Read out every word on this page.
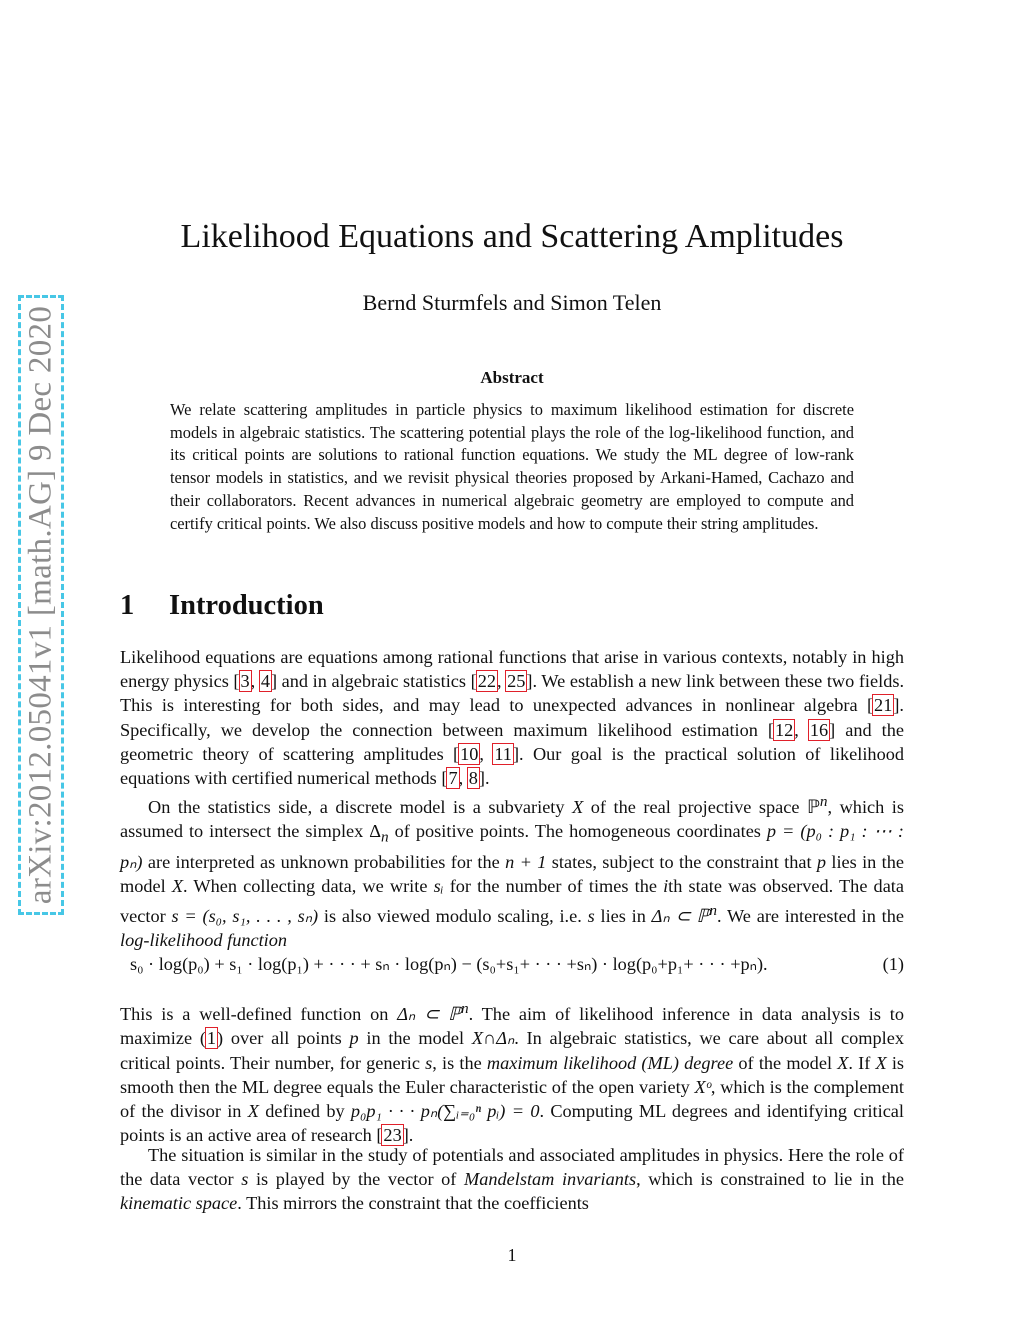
arXiv:2012.05041v1 [math.AG] 9 Dec 2020
Likelihood Equations and Scattering Amplitudes
Bernd Sturmfels and Simon Telen
Abstract

We relate scattering amplitudes in particle physics to maximum likelihood estimation for discrete models in algebraic statistics. The scattering potential plays the role of the log-likelihood function, and its critical points are solutions to rational function equations. We study the ML degree of low-rank tensor models in statistics, and we revisit physical theories proposed by Arkani-Hamed, Cachazo and their collaborators. Recent advances in numerical algebraic geometry are employed to compute and certify critical points. We also discuss positive models and how to compute their string amplitudes.

1 Introduction

Likelihood equations are equations among rational functions that arise in various contexts, notably in high energy physics [3, 4] and in algebraic statistics [22, 25]. We establish a new link between these two fields. This is interesting for both sides, and may lead to unexpected advances in nonlinear algebra [21]. Specifically, we develop the connection between maximum likelihood estimation [12, 16] and the geometric theory of scattering amplitudes [10, 11]. Our goal is the practical solution of likelihood equations with certified numerical methods [7, 8].

On the statistics side, a discrete model is a subvariety X of the real projective space ℙ$^n$, which is assumed to intersect the simplex $\Delta_n$ of positive points. The homogeneous coordinates p = (p₀ : p₁ : ⋯ : pₙ) are interpreted as unknown probabilities for the n + 1 states, subject to the constraint that p lies in the model X. When collecting data, we write sᵢ for the number of times the ith state was observed. The data vector s = (s₀, s₁, . . . , sₙ) is also viewed modulo scaling, i.e. s lies in Δₙ ⊂ ℙ$^n$. We are interested in the log-likelihood function

s₀ · log(p₀) + s₁ · log(p₁) + · · · + sₙ · log(pₙ) − (s₀+s₁+ · · · +sₙ) · log(p₀+p₁+ · · · +pₙ).	(1)

This is a well-defined function on Δₙ ⊂ ℙ$^n$. The aim of likelihood inference in data analysis is to maximize (1) over all points p in the model X∩Δₙ. In algebraic statistics, we care about all complex critical points. Their number, for generic s, is the maximum likelihood (ML) degree of the model X. If X is smooth then the ML degree equals the Euler characteristic of the open variety Xᵒ, which is the complement of the divisor in X defined by p₀p₁ · · · pₙ(∑ᵢ₌₀ⁿ pᵢ) = 0. Computing ML degrees and identifying critical points is an active area of research [23].

The situation is similar in the study of potentials and associated amplitudes in physics. Here the role of the data vector s is played by the vector of Mandelstam invariants, which is constrained to lie in the kinematic space. This mirrors the constraint that the coefficients

1
